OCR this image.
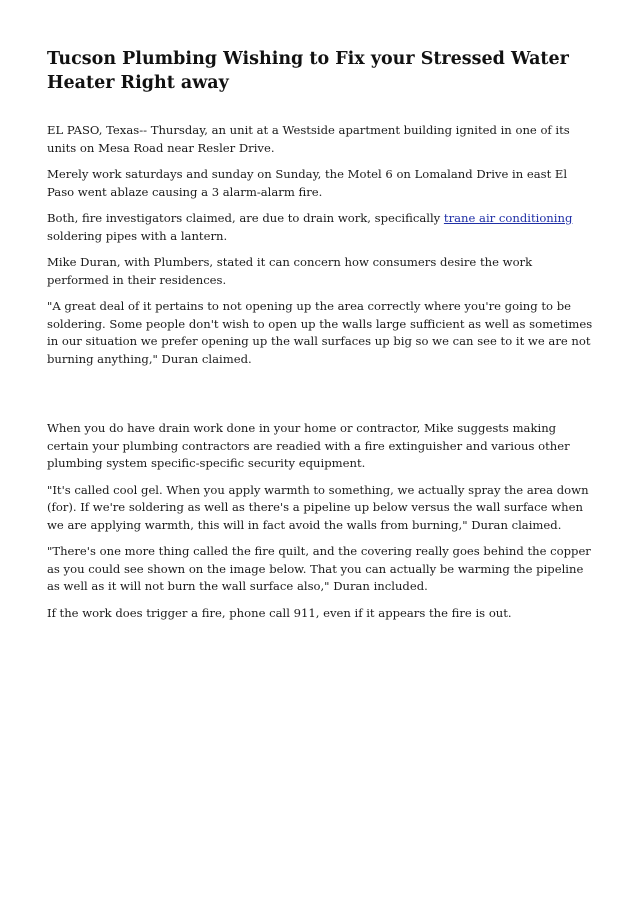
Tucson Plumbing Wishing to Fix your Stressed Water Heater Right away

EL PASO, Texas-- Thursday, an unit at a Westside apartment building ignited in one of its units on Mesa Road near Resler Drive.

Merely work saturdays and sunday on Sunday, the Motel 6 on Lomaland Drive in east El Paso went ablaze causing a 3 alarm-alarm fire.

Both, fire investigators claimed, are due to drain work, specifically trane air conditioning soldering pipes with a lantern.

Mike Duran, with Plumbers, stated it can concern how consumers desire the work performed in their residences.

"A great deal of it pertains to not opening up the area correctly where you're going to be soldering. Some people don't wish to open up the walls large sufficient as well as sometimes in our situation we prefer opening up the wall surfaces up big so we can see to it we are not burning anything," Duran claimed.

When you do have drain work done in your home or contractor, Mike suggests making certain your plumbing contractors are readied with a fire extinguisher and various other plumbing system specific-specific security equipment.

"It's called cool gel. When you apply warmth to something, we actually spray the area down (for). If we're soldering as well as there's a pipeline up below versus the wall surface when we are applying warmth, this will in fact avoid the walls from burning," Duran claimed.

"There's one more thing called the fire quilt, and the covering really goes behind the copper as you could see shown on the image below. That you can actually be warming the pipeline as well as it will not burn the wall surface also," Duran included.

If the work does trigger a fire, phone call 911, even if it appears the fire is out.
